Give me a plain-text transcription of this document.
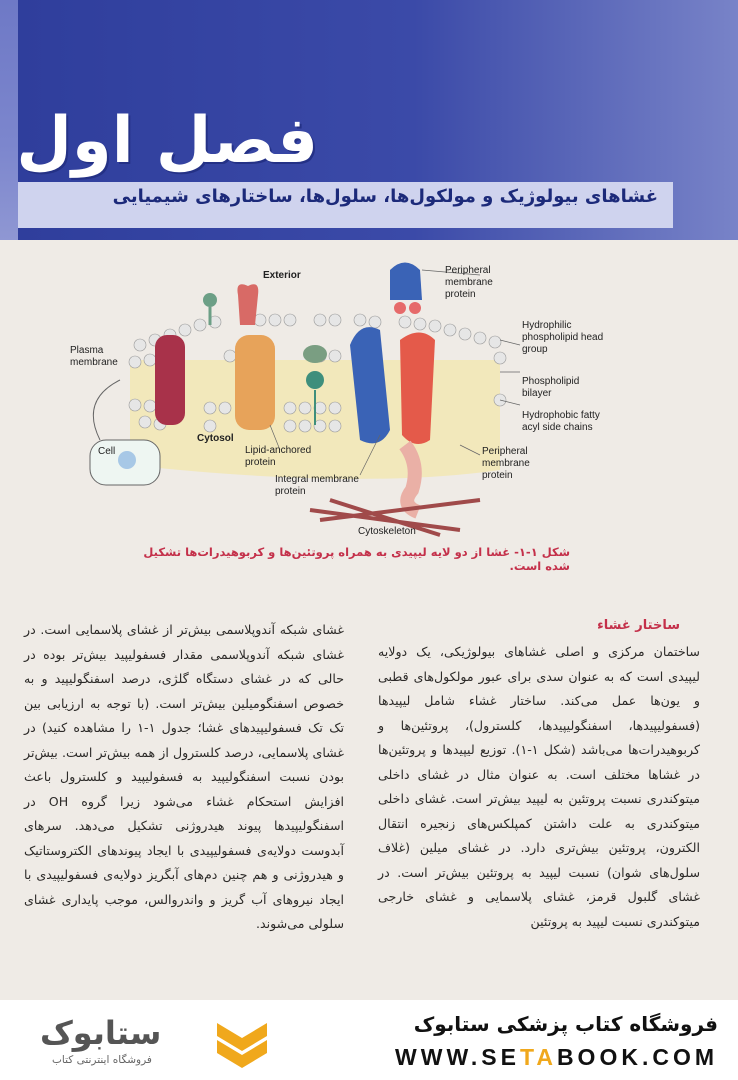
فصل اول
غشاهای بیولوژیک و مولکول‌ها، سلول‌ها، ساختارهای شیمیایی
Exterior
Plasma membrane
Cell
Cytosol
Lipid-anchored protein
Integral membrane protein
Cytoskeleton
Peripheral membrane protein
Hydrophilic phospholipid head group
Phospholipid bilayer
Hydrophobic fatty acyl side chains
Peripheral membrane protein
شکل ۱-۱- غشا از دو لایه لیپیدی به همراه پروتئین‌ها و کربوهیدرات‌ها تشکیل شده است.
ساختار غشاء

ساختمان مرکزی و اصلی غشاهای بیولوژیکی، یک دولایه لیپیدی است که به عنوان سدی برای عبور مولکول‌های قطبی و یون‌ها عمل می‌کند. ساختار غشاء شامل لیپیدها (فسفولیپیدها، اسفنگولیپیدها، کلسترول)، پروتئین‌ها و کربوهیدرات‌ها می‌باشد (شکل ۱-۱). توزیع لیپیدها و پروتئین‌ها در غشاها مختلف است. به عنوان مثال در غشای داخلی میتوکندری نسبت پروتئین به لیپید بیش‌تر است. غشای داخلی میتوکندری به علت داشتن کمپلکس‌های زنجیره انتقال الکترون، پروتئین بیش‌تری دارد. در غشای میلین (غلاف سلول‌های شوان) نسبت لیپید به پروتئین بیش‌تر است. در غشای گلبول قرمز، غشای پلاسمایی و غشای خارجی میتوکندری نسبت لیپید به پروتئین

غشای شبکه آندوپلاسمی بیش‌تر از غشای پلاسمایی است. در غشای شبکه آندوپلاسمی مقدار فسفولیپید بیش‌تر بوده در حالی که در غشای دستگاه گلژی، درصد اسفنگولیپید و به خصوص اسفنگومیلین بیش‌تر است. (با توجه به ارزیابی بین تک تک فسفولیپیدهای غشا؛ جدول ۱-۱ را مشاهده کنید) در غشای پلاسمایی، درصد کلسترول از همه بیش‌تر است. بیش‌تر بودن نسبت اسفنگولیپید به فسفولیپید و کلسترول باعث افزایش استحکام غشاء می‌شود زیرا گروه OH در اسفنگولیپیدها پیوند هیدروژنی تشکیل می‌دهد. سرهای آبدوست دولایه‌ی فسفولیپیدی با ایجاد پیوندهای الکتروستاتیک و هیدروژنی و هم چنین دم‌های آبگریز دولایه‌ی فسفولیپیدی با ایجاد نیروهای آب گریز و واندروالس، موجب پایداری غشای سلولی می‌شوند.

فروشگاه کتاب پزشکی ستابوک
WWW.SETABOOK.COM
ستابوک
فروشگاه اینترنتی کتاب
